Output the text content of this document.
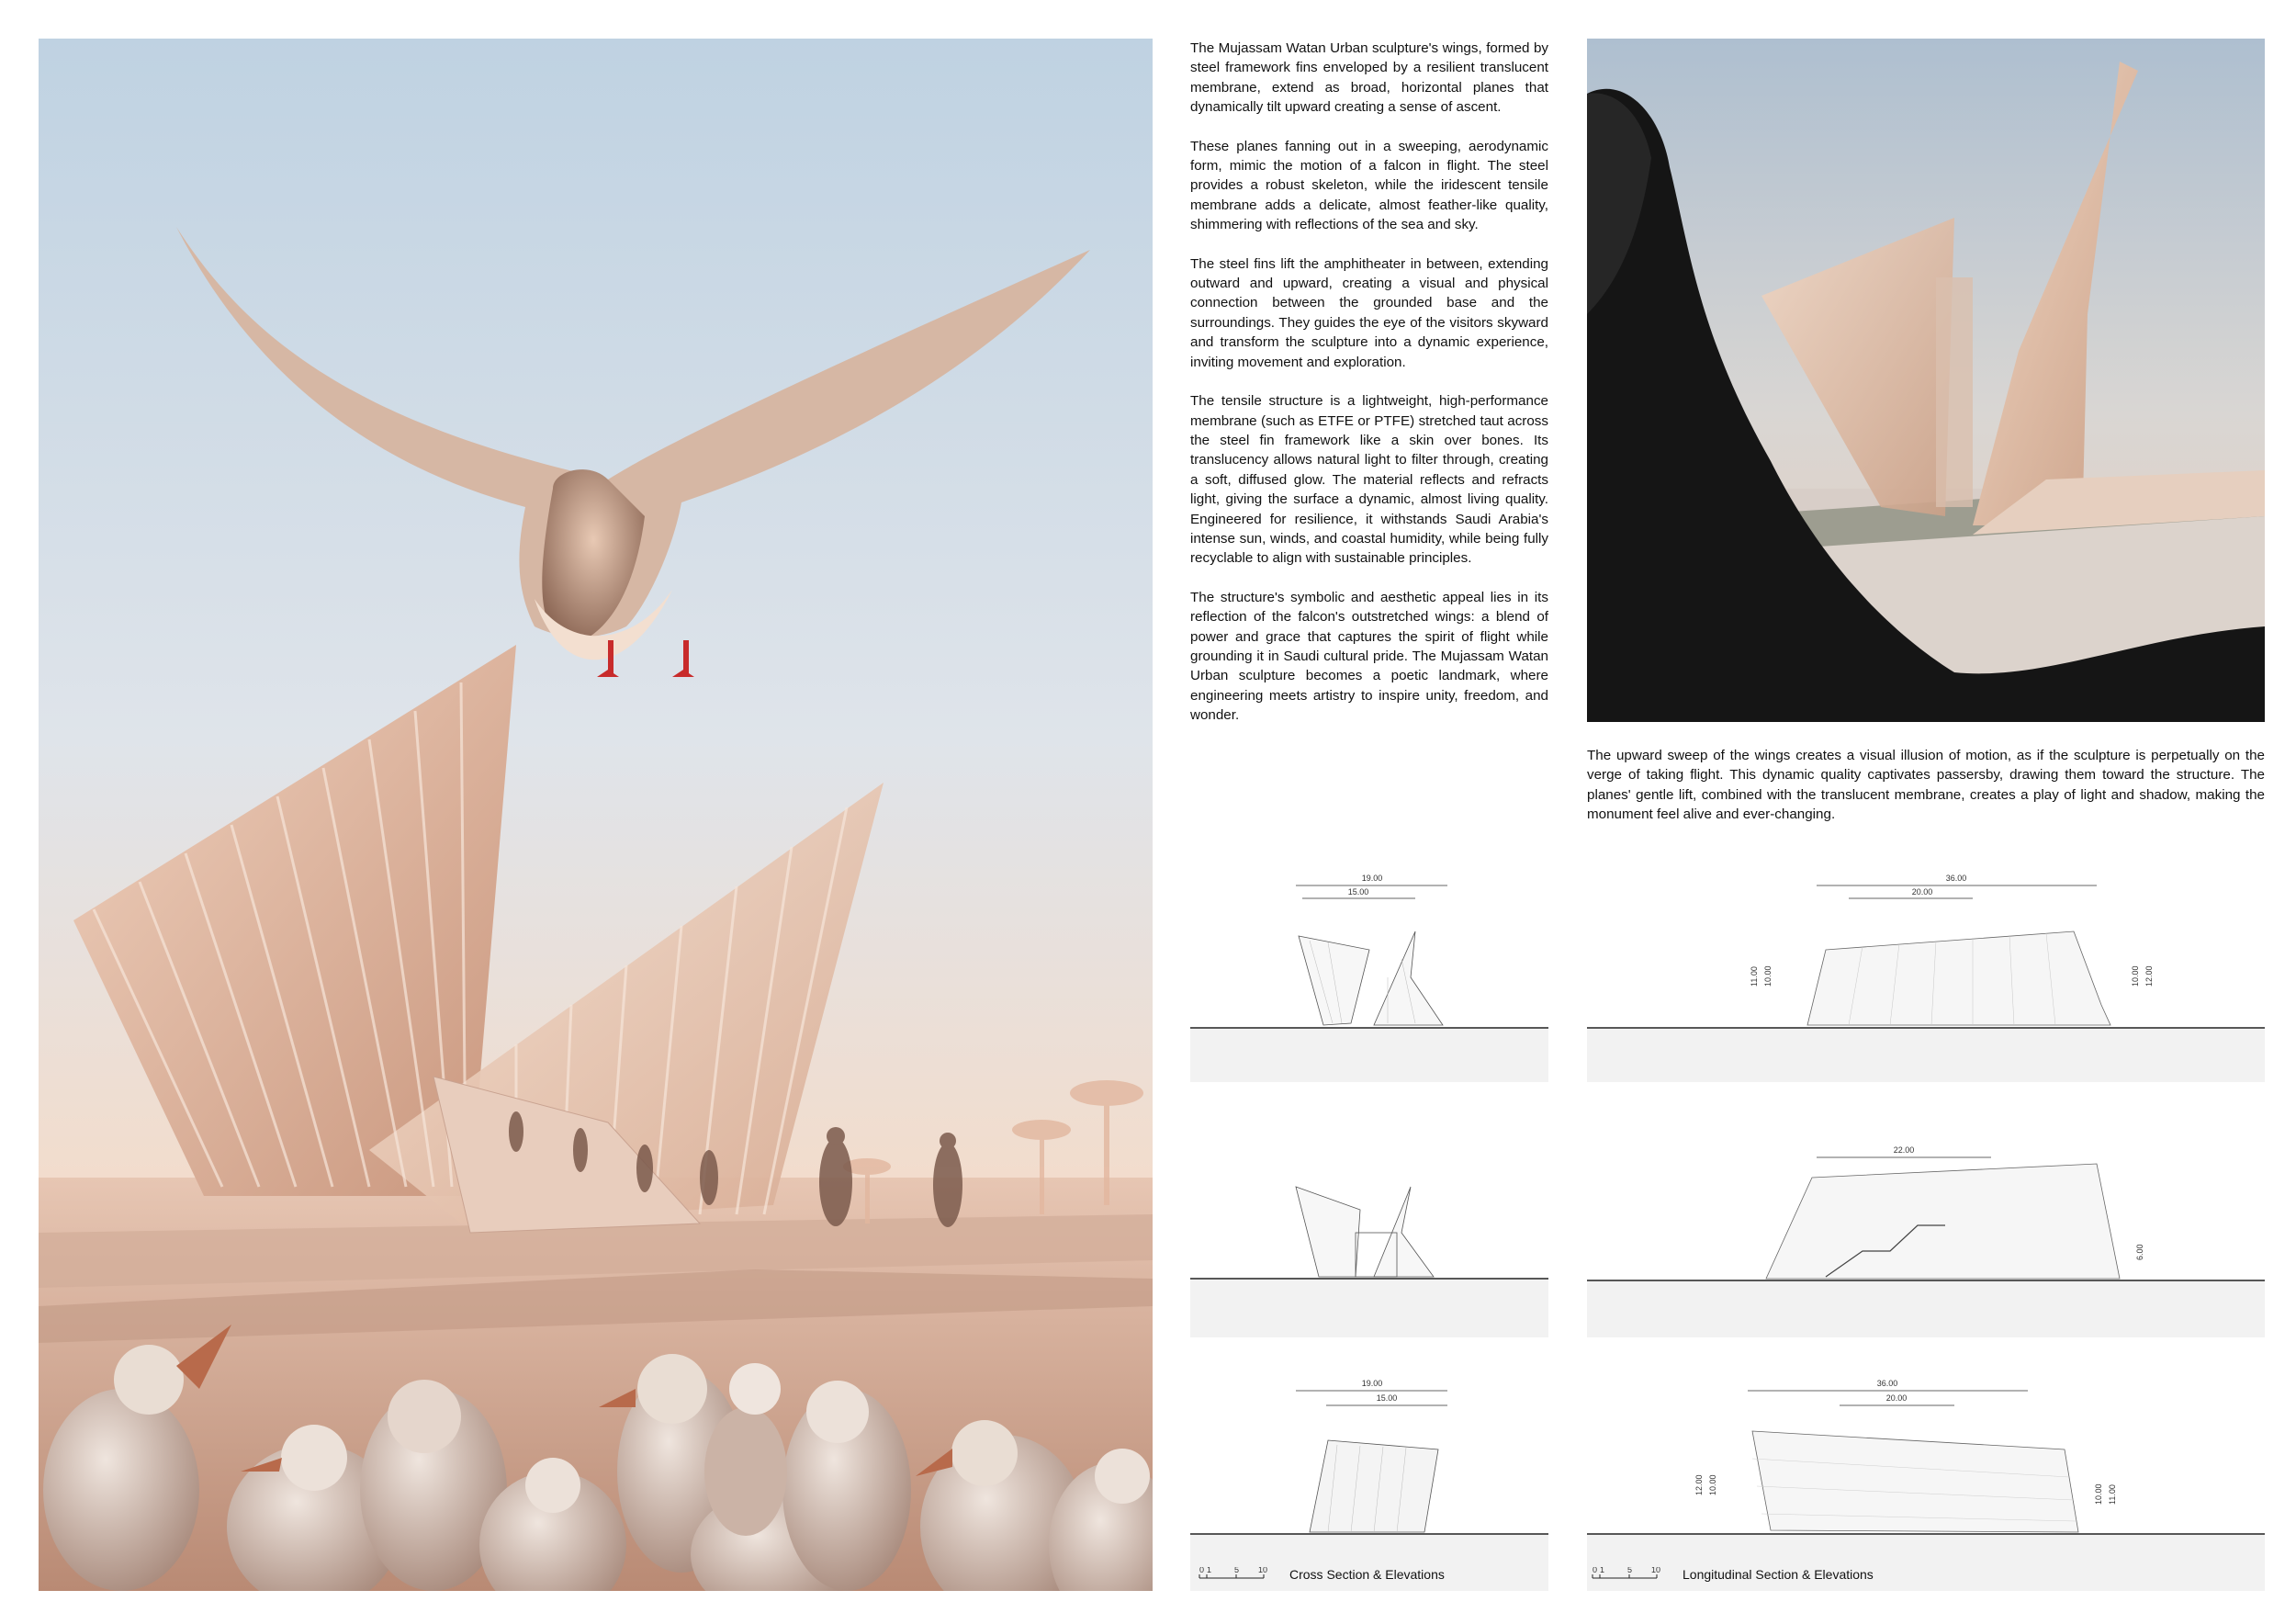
The Mujassam Watan Urban sculpture's wings, formed by steel framework fins enveloped by a resilient translucent membrane, extend as broad, horizontal planes that dynamically tilt upward creating a sense of ascent.

These planes fanning out in a sweeping, aerodynamic form, mimic the motion of a falcon in flight. The steel provides a robust skeleton, while the iridescent tensile membrane adds a delicate, almost feather-like quality, shimmering with reflections of the sea and sky.

The steel fins lift the amphitheater in between, extending outward and upward, creating a visual and physical connection between the grounded base and the surroundings. They guides the eye of the visitors skyward and transform the sculpture into a dynamic experience, inviting movement and exploration.

The tensile structure is a lightweight, high-performance membrane (such as ETFE or PTFE) stretched taut across the steel fin framework like a skin over bones. Its translucency allows natural light to filter through, creating a soft, diffused glow. The material reflects and refracts light, giving the surface a dynamic, almost living quality. Engineered for resilience, it withstands Saudi Arabia's intense sun, winds, and coastal humidity, while being fully recyclable to align with sustainable principles.

The structure's symbolic and aesthetic appeal lies in its reflection of the falcon's outstretched wings: a blend of power and grace that captures the spirit of flight while grounding it in Saudi cultural pride. The Mujassam Watan Urban sculpture becomes a poetic landmark, where engineering meets artistry to inspire unity, freedom, and wonder.

The upward sweep of the wings creates a visual illusion of motion, as if the sculpture is perpetually on the verge of taking flight. This dynamic quality captivates passersby, drawing them toward the structure. The planes' gentle lift, combined with the translucent membrane, creates a play of light and shadow, making the monument feel alive and ever-changing.
19.00
15.00
19.00
15.00
36.00
20.00
11.00 10.00	10.00 12.00
22.00
6.00
36.00
20.00
12.00 10.00	10.00 11.00
0 1	5 10 Cross Section & Elevations	0 1	5 10 Longitudinal Section & Elevations
